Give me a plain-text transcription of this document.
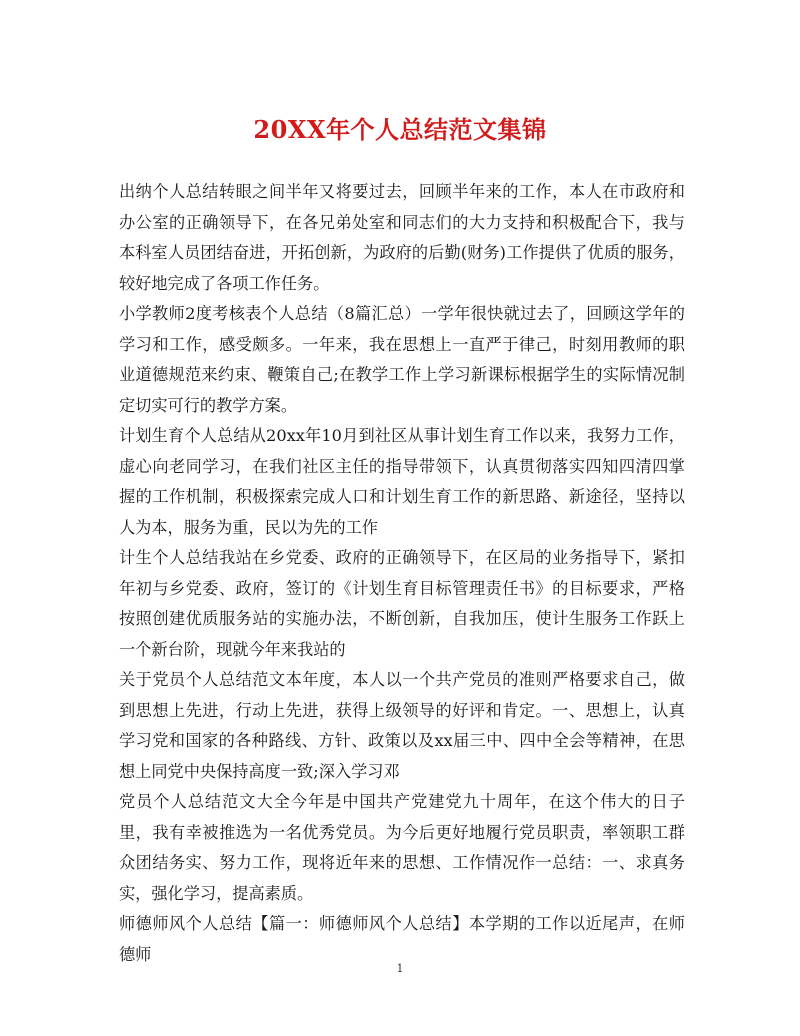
20XX年个人总结范文集锦

出纳个人总结转眼之间半年又将要过去，回顾半年来的工作，本人在市政府和办公室的正确领导下，在各兄弟处室和同志们的大力支持和积极配合下，我与本科室人员团结奋进，开拓创新，为政府的后勤(财务)工作提供了优质的服务，较好地完成了各项工作任务。

小学教师2度考核表个人总结（8篇汇总）一学年很快就过去了，回顾这学年的学习和工作，感受颇多。一年来，我在思想上一直严于律己，时刻用教师的职业道德规范来约束、鞭策自己;在教学工作上学习新课标根据学生的实际情况制定切实可行的教学方案。

计划生育个人总结从20xx年10月到社区从事计划生育工作以来，我努力工作，虚心向老同学习，在我们社区主任的指导带领下，认真贯彻落实四知四清四掌握的工作机制，积极探索完成人口和计划生育工作的新思路、新途径，坚持以人为本，服务为重，民以为先的工作

计生个人总结我站在乡党委、政府的正确领导下，在区局的业务指导下，紧扣年初与乡党委、政府，签订的《计划生育目标管理责任书》的目标要求，严格按照创建优质服务站的实施办法，不断创新，自我加压，使计生服务工作跃上一个新台阶，现就今年来我站的

关于党员个人总结范文本年度，本人以一个共产党员的准则严格要求自己，做到思想上先进，行动上先进，获得上级领导的好评和肯定。一、思想上，认真学习党和国家的各种路线、方针、政策以及xx届三中、四中全会等精神，在思想上同党中央保持高度一致;深入学习邓

党员个人总结范文大全今年是中国共产党建党九十周年，在这个伟大的日子里，我有幸被推选为一名优秀党员。为今后更好地履行党员职责，率领职工群众团结务实、努力工作，现将近年来的思想、工作情况作一总结：一、求真务实，强化学习，提高素质。

师德师风个人总结【篇一：师德师风个人总结】本学期的工作以近尾声，在师德师

1
